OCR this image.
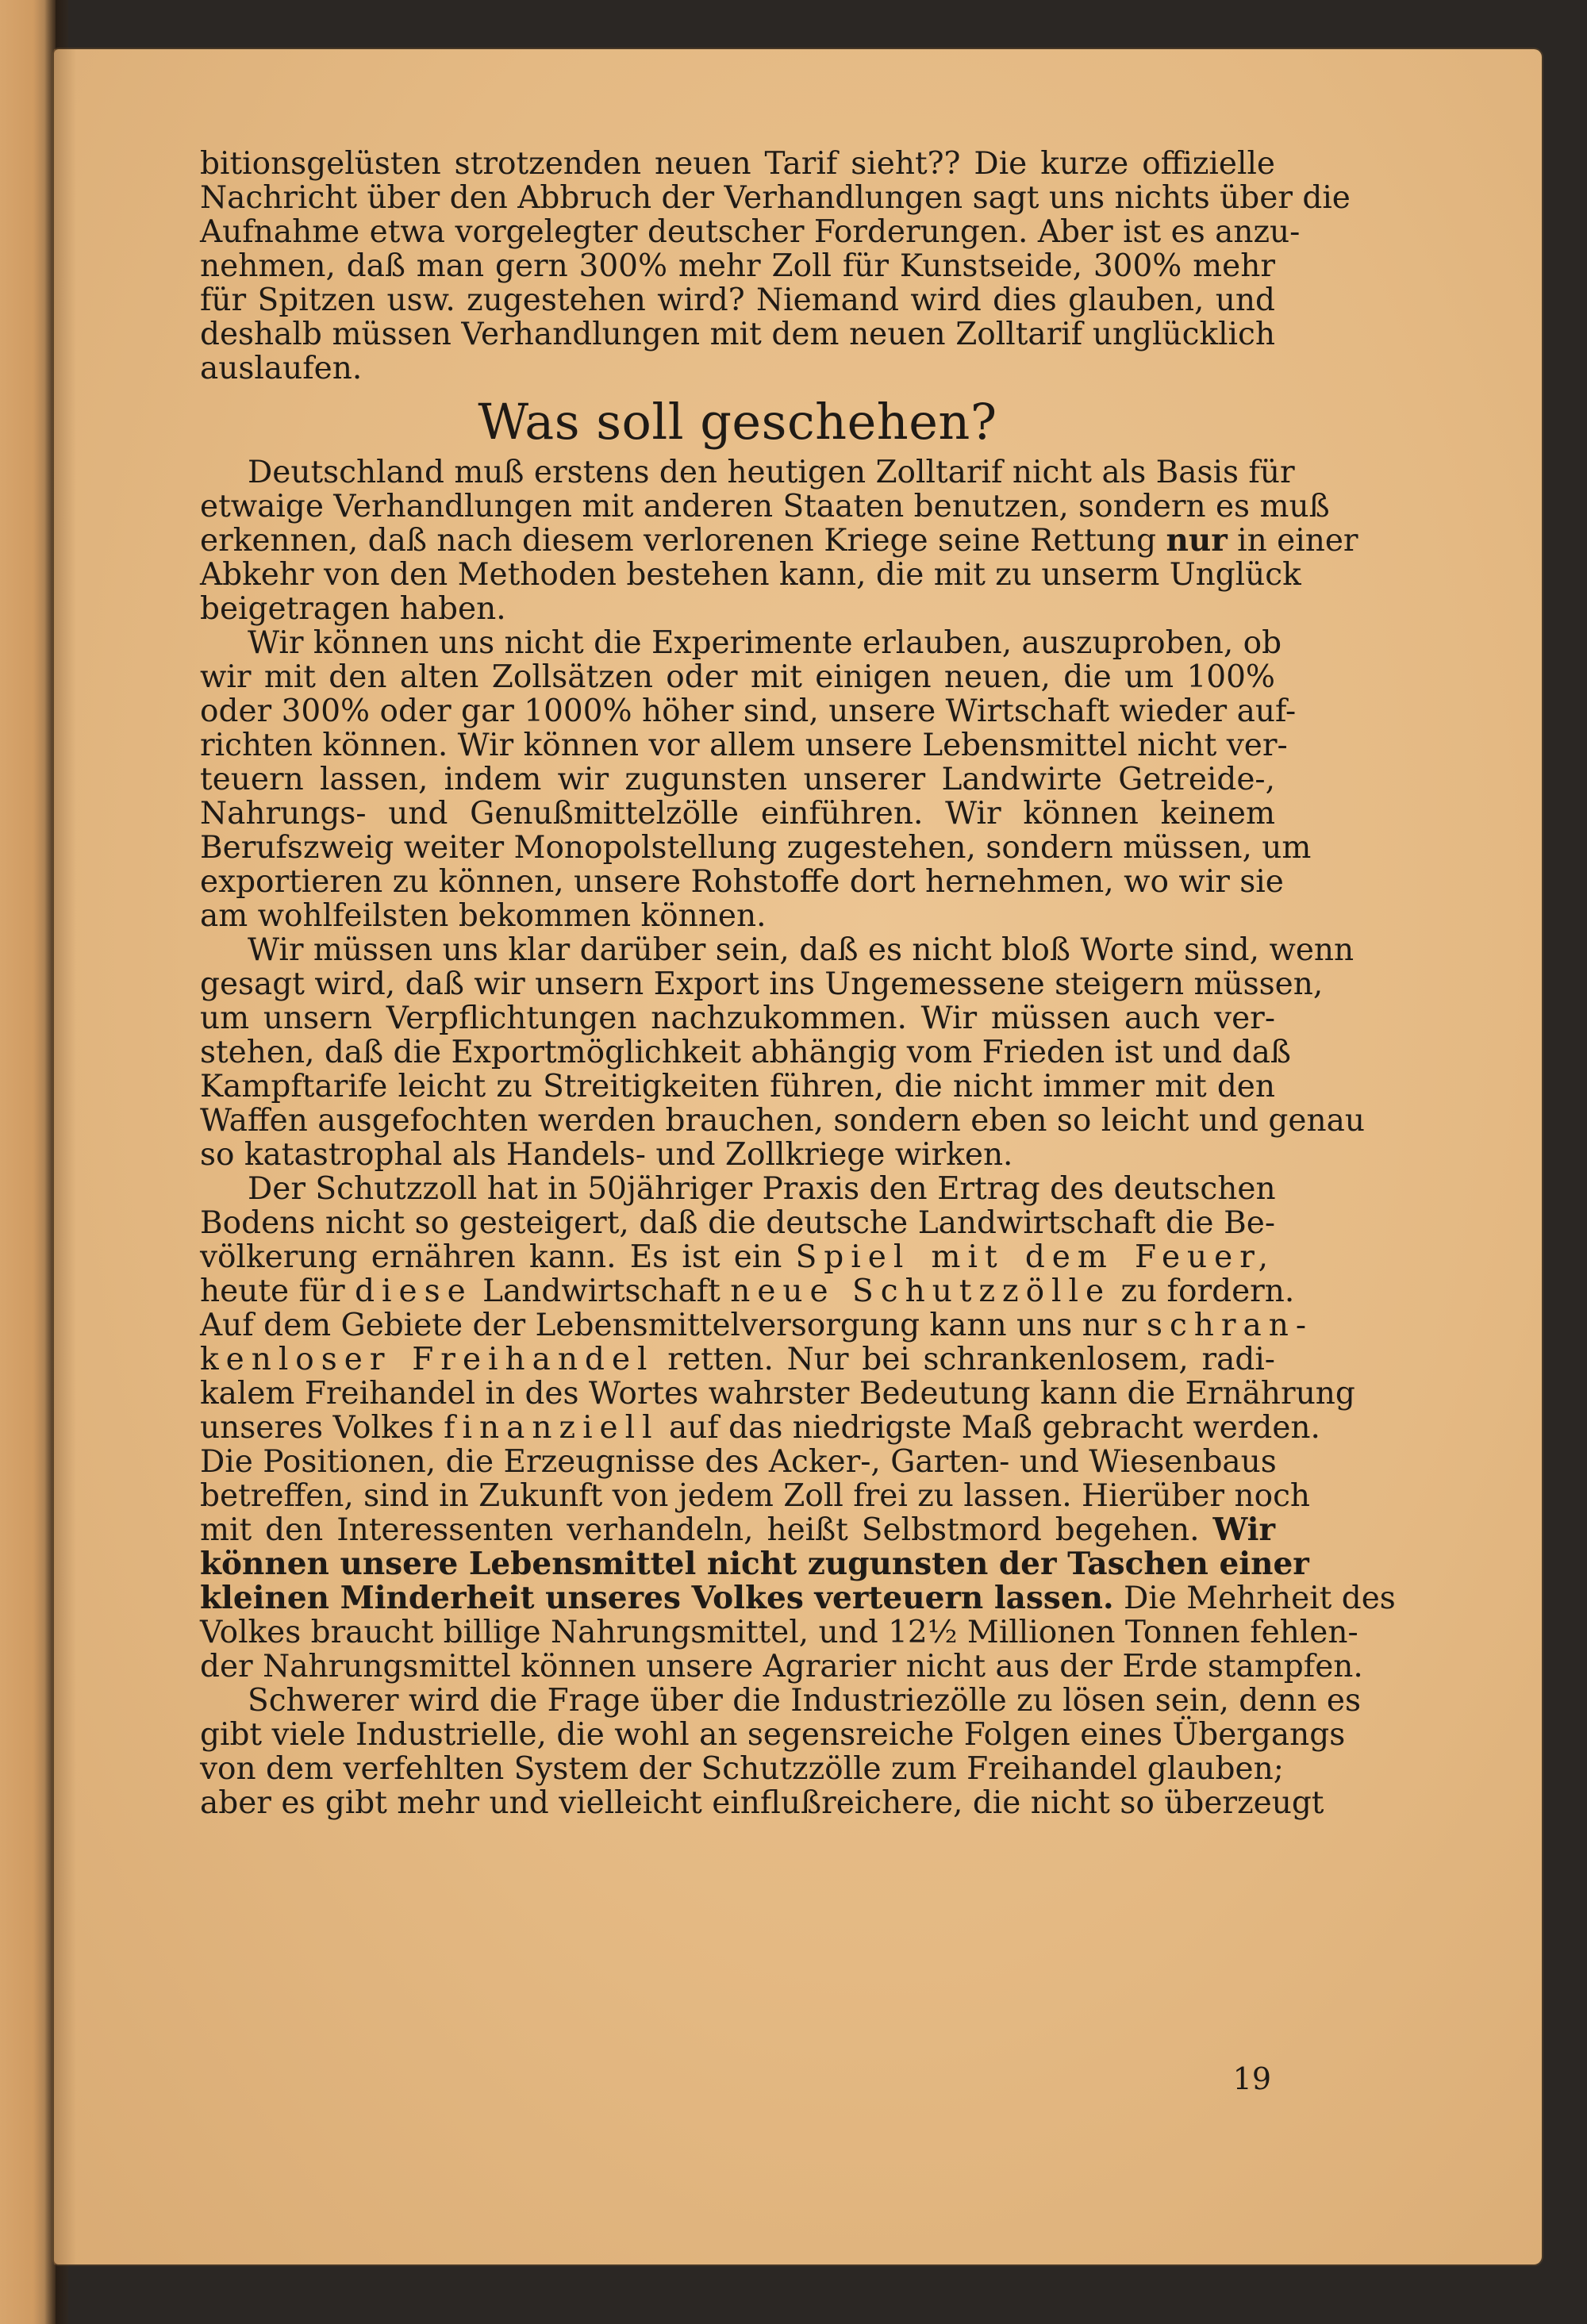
bitionsgelüsten strotzenden neuen Tarif sieht?? Die kurze offizielle
Nachricht über den Abbruch der Verhandlungen sagt uns nichts über die
Aufnahme etwa vorgelegter deutscher Forderungen. Aber ist es anzu-
nehmen, daß man gern 300% mehr Zoll für Kunstseide, 300% mehr
für Spitzen usw. zugestehen wird? Niemand wird dies glauben, und
deshalb müssen Verhandlungen mit dem neuen Zolltarif unglücklich
auslaufen.
Was soll geschehen?
Deutschland muß erstens den heutigen Zolltarif nicht als Basis für
etwaige Verhandlungen mit anderen Staaten benutzen, sondern es muß
erkennen, daß nach diesem verlorenen Kriege seine Rettung nur in einer
Abkehr von den Methoden bestehen kann, die mit zu unserm Unglück
beigetragen haben.
Wir können uns nicht die Experimente erlauben, auszuproben, ob
wir mit den alten Zollsätzen oder mit einigen neuen, die um 100%
oder 300% oder gar 1000% höher sind, unsere Wirtschaft wieder auf-
richten können. Wir können vor allem unsere Lebensmittel nicht ver-
teuern lassen, indem wir zugunsten unserer Landwirte Getreide-,
Nahrungs- und Genußmittelzölle einführen. Wir können keinem
Berufszweig weiter Monopolstellung zugestehen, sondern müssen, um
exportieren zu können, unsere Rohstoffe dort hernehmen, wo wir sie
am wohlfeilsten bekommen können.
Wir müssen uns klar darüber sein, daß es nicht bloß Worte sind, wenn
gesagt wird, daß wir unsern Export ins Ungemessene steigern müssen,
um unsern Verpflichtungen nachzukommen. Wir müssen auch ver-
stehen, daß die Exportmöglichkeit abhängig vom Frieden ist und daß
Kampftarife leicht zu Streitigkeiten führen, die nicht immer mit den
Waffen ausgefochten werden brauchen, sondern eben so leicht und genau
so katastrophal als Handels- und Zollkriege wirken.
Der Schutzzoll hat in 50jähriger Praxis den Ertrag des deutschen
Bodens nicht so gesteigert, daß die deutsche Landwirtschaft die Be-
völkerung ernähren kann. Es ist ein Spiel mit dem Feuer,
heute für diese Landwirtschaft neue Schutzzölle zu fordern.
Auf dem Gebiete der Lebensmittelversorgung kann uns nur schran-
kenloser Freihandel retten. Nur bei schrankenlosem, radi-
kalem Freihandel in des Wortes wahrster Bedeutung kann die Ernährung
unseres Volkes finanziell auf das niedrigste Maß gebracht werden.
Die Positionen, die Erzeugnisse des Acker-, Garten- und Wiesenbaus
betreffen, sind in Zukunft von jedem Zoll frei zu lassen. Hierüber noch
mit den Interessenten verhandeln, heißt Selbstmord begehen. Wir
können unsere Lebensmittel nicht zugunsten der Taschen einer
kleinen Minderheit unseres Volkes verteuern lassen. Die Mehrheit des
Volkes braucht billige Nahrungsmittel, und 12½ Millionen Tonnen fehlen-
der Nahrungsmittel können unsere Agrarier nicht aus der Erde stampfen.
Schwerer wird die Frage über die Industriezölle zu lösen sein, denn es
gibt viele Industrielle, die wohl an segensreiche Folgen eines Übergangs
von dem verfehlten System der Schutzzölle zum Freihandel glauben;
aber es gibt mehr und vielleicht einflußreichere, die nicht so überzeugt
19
